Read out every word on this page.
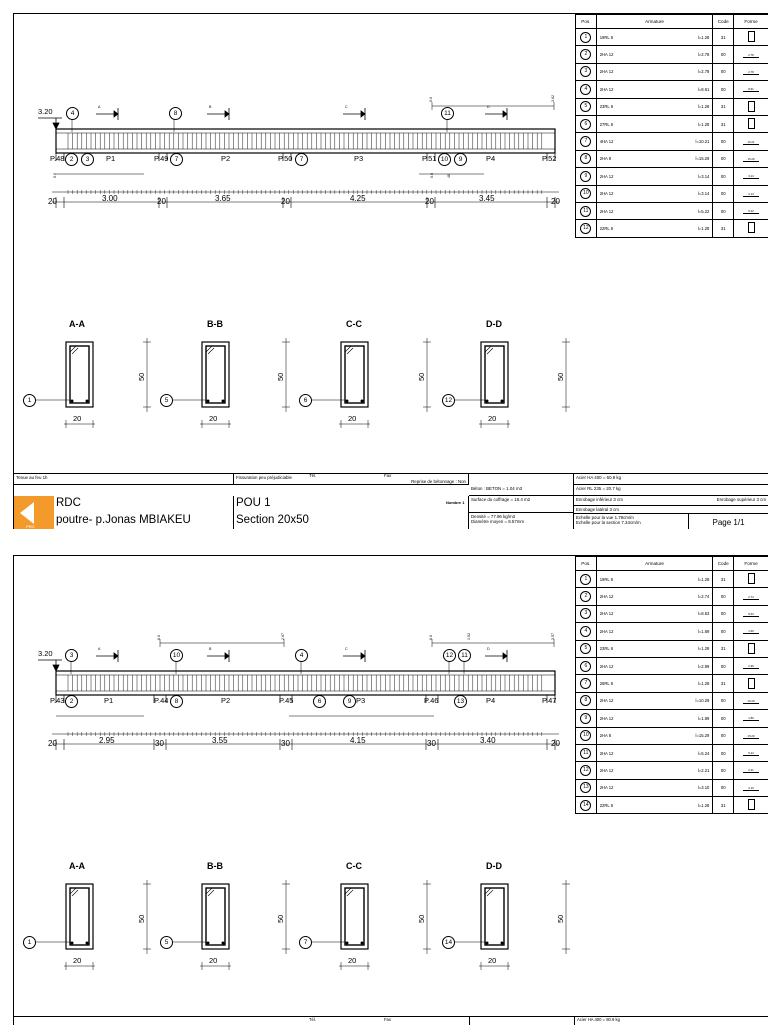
3.20	A	B	C	D
4	8	11
P.48 2	3	P1	P.49 7	P2	P.50	7	P3	P.51 10	9	P4	P.52
0.0	3.62
0.0	0.0	48
20	3.00	20	3.65	20	4.25	20	3.45	20
A-A	B-B	C-C	D-D
1	5	6	12
20	20	20	20
50	50	50	50
Pos.	Armature	Code	Forme
1	19RL 6 l=1.28	31	
2	2HA 12 l=2.78	00	2.78
3	2HA 12 l=2.78	00	2.78
4	2HA 12 l=8.61	00	8.61
5	23RL 6 l=1.28	31	
6	27RL 6 l=1.28	31	
7	4HA 12 l=10.21	00	10.21
8	2HA 8 l=15.29	00	15.29
9	2HA 12 l=3.14	00	3.14
10	2HA 12 l=3.14	00	3.14
11	2HA 12 l=5.22	00	5.22
12	22RL 6 l=1.28	31	
Tenue au feu 1h	Fissuration peu préjudiciable	Tél.	Fax
Reprise de bétonnage : Non
Béton : BETON = 1.04 m3
Acier HA 400 = 60.9 kg
Acier RL 235 = 20.7 kg
Surface du coffrage = 18.4 m2	Enrobage inférieur 3 cm	Enrobage supérieur 3 cm
Enrobage latéral 3 cm
Densité = 77.96 kg/m3
Diamètre moyen = 8.57mm
Echelle pour la vue 1.78cm/m
Echelle pour la section 7.34cm/m	Page 1/1
Nombre 1
PRO
RDC
poutre- p.Jonas MBIAKEU
POU 1
Section 20x50
3.20	A	B	C	D
3	10	4	12	11
P.43 2	P1	P.44 8	P2	P.45	6	9 P3	P.46	13	P4	P.47
0.0	2.67	0.0	1.02	3.57
20	2.95	30	3.55	30	4.15	30	3.40	20
A-A	B-B	C-C	D-D
1	5	7	14
20	20	20	20
50	50	50	50
Pos.	Armature	Code	Forme
1	19RL 6 l=1.28	31	
2	2HA 12 l=2.74	00	2.74
3	2HA 12 l=8.63	00	8.63
4	2HA 12 l=1.69	00	1.69
5	23RL 6 l=1.28	31	
6	2HA 12 l=2.99	00	2.99
7	26RL 6 l=1.28	31	
8	2HA 12 l=10.29	00	10.29
9	2HA 12 l=1.89	00	1.89
10	2HA 8 l=15.29	00	15.29
11	2HA 12 l=5.24	00	5.24
12	2HA 12 l=2.21	00	2.21
13	2HA 12 l=3.10	00	3.10
14	22RL 6 l=1.28	31	
Tél.	Fax	Acier HA 400 = 80.9 kg
